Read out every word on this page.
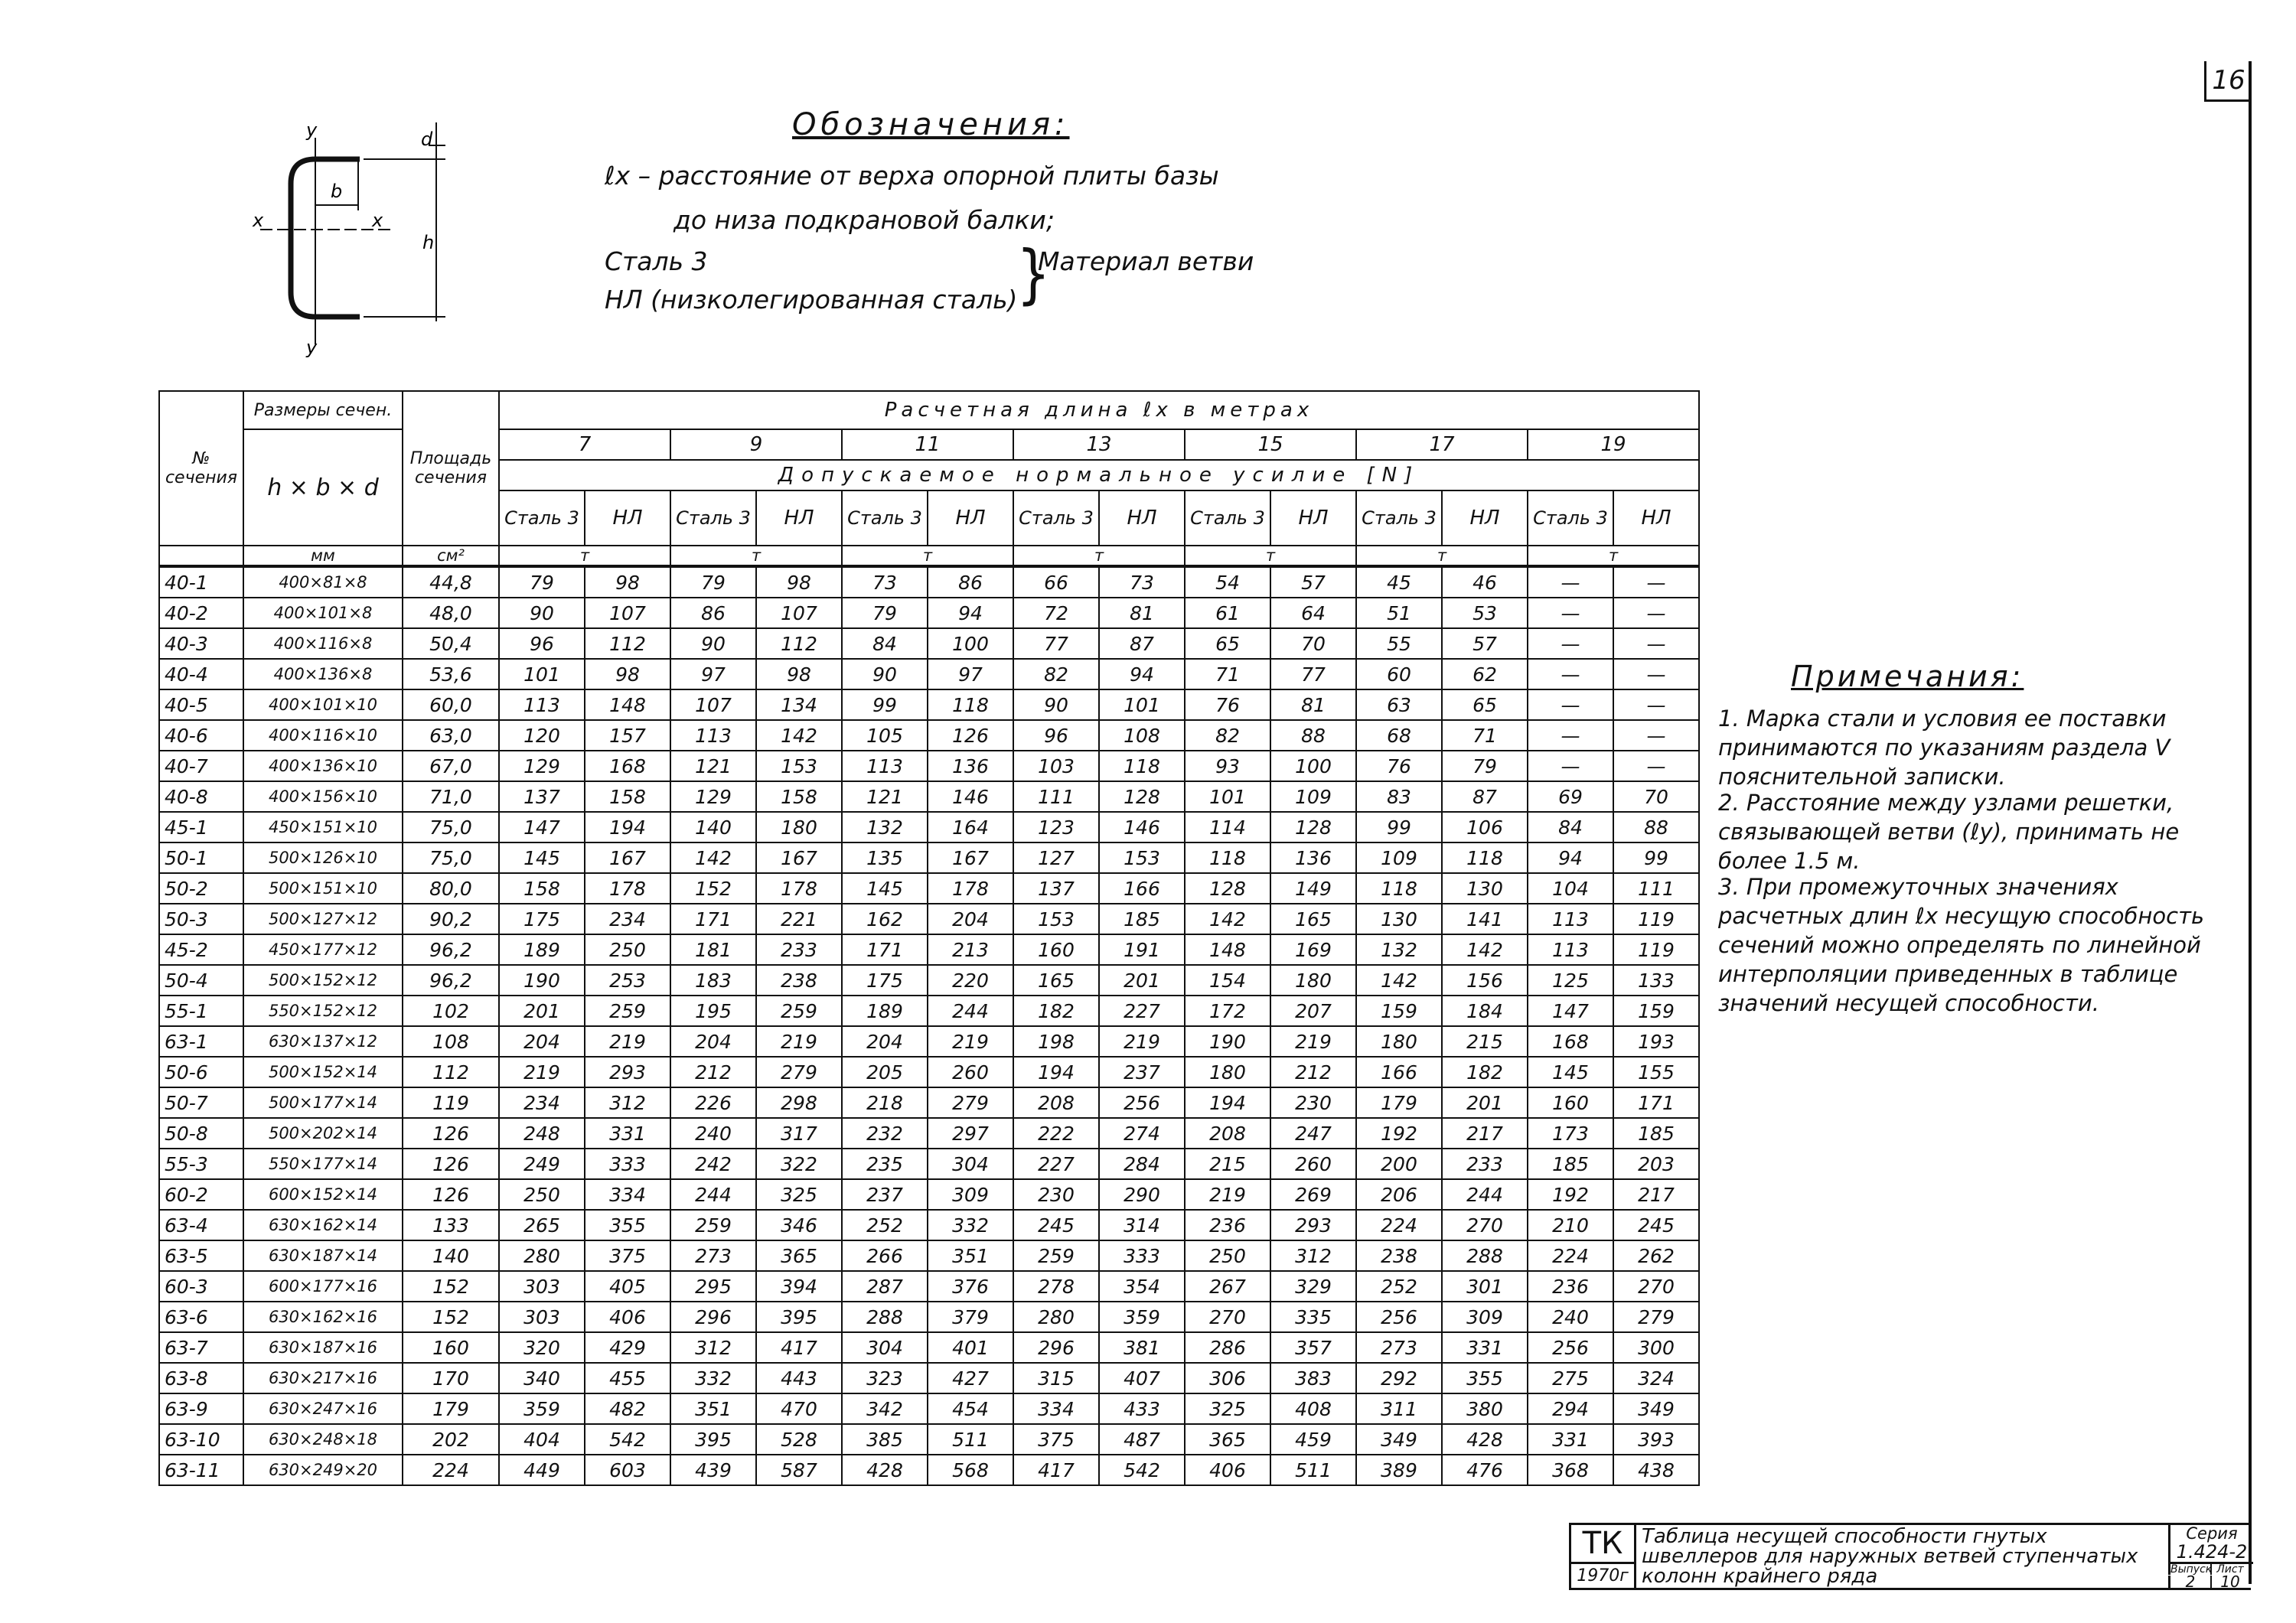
16
y
y
x	x
b
h
d	Обозначения:
ℓx – расстояние от верха опорной плиты базы
до низа подкрановой балки;
Сталь 3
НЛ (низколегированная сталь)
}
Материал ветви
№ сечения	Размеры сечен.	Площадь сечения	Расчетная длина ℓx в метрах													
	h × b × d		7		9		11		13		15		17		19	
			Допускаемое нормальное усилие [N]													
			Сталь 3	НЛ	Сталь 3	НЛ	Сталь 3	НЛ	Сталь 3	НЛ	Сталь 3	НЛ	Сталь 3	НЛ	Сталь 3	НЛ
	мм	см²	т		т		т		т		т		т		т	
40-1	400×81×8	44,8	79	98	79	98	73	86	66	73	54	57	45	46	—	—
40-2	400×101×8	48,0	90	107	86	107	79	94	72	81	61	64	51	53	—	—
40-3	400×116×8	50,4	96	112	90	112	84	100	77	87	65	70	55	57	—	—
40-4	400×136×8	53,6	101	98	97	98	90	97	82	94	71	77	60	62	—	—
40-5	400×101×10	60,0	113	148	107	134	99	118	90	101	76	81	63	65	—	—
40-6	400×116×10	63,0	120	157	113	142	105	126	96	108	82	88	68	71	—	—
40-7	400×136×10	67,0	129	168	121	153	113	136	103	118	93	100	76	79	—	—
40-8	400×156×10	71,0	137	158	129	158	121	146	111	128	101	109	83	87	69	70
45-1	450×151×10	75,0	147	194	140	180	132	164	123	146	114	128	99	106	84	88
50-1	500×126×10	75,0	145	167	142	167	135	167	127	153	118	136	109	118	94	99
50-2	500×151×10	80,0	158	178	152	178	145	178	137	166	128	149	118	130	104	111
50-3	500×127×12	90,2	175	234	171	221	162	204	153	185	142	165	130	141	113	119
45-2	450×177×12	96,2	189	250	181	233	171	213	160	191	148	169	132	142	113	119
50-4	500×152×12	96,2	190	253	183	238	175	220	165	201	154	180	142	156	125	133
55-1	550×152×12	102	201	259	195	259	189	244	182	227	172	207	159	184	147	159
63-1	630×137×12	108	204	219	204	219	204	219	198	219	190	219	180	215	168	193
50-6	500×152×14	112	219	293	212	279	205	260	194	237	180	212	166	182	145	155
50-7	500×177×14	119	234	312	226	298	218	279	208	256	194	230	179	201	160	171
50-8	500×202×14	126	248	331	240	317	232	297	222	274	208	247	192	217	173	185
55-3	550×177×14	126	249	333	242	322	235	304	227	284	215	260	200	233	185	203
60-2	600×152×14	126	250	334	244	325	237	309	230	290	219	269	206	244	192	217
63-4	630×162×14	133	265	355	259	346	252	332	245	314	236	293	224	270	210	245
63-5	630×187×14	140	280	375	273	365	266	351	259	333	250	312	238	288	224	262
60-3	600×177×16	152	303	405	295	394	287	376	278	354	267	329	252	301	236	270
63-6	630×162×16	152	303	406	296	395	288	379	280	359	270	335	256	309	240	279
63-7	630×187×16	160	320	429	312	417	304	401	296	381	286	357	273	331	256	300
63-8	630×217×16	170	340	455	332	443	323	427	315	407	306	383	292	355	275	324
63-9	630×247×16	179	359	482	351	470	342	454	334	433	325	408	311	380	294	349
63-10	630×248×18	202	404	542	395	528	385	511	375	487	365	459	349	428	331	393
63-11	630×249×20	224	449	603	439	587	428	568	417	542	406	511	389	476	368	438
Примечания:
1. Марка стали и условия ее поставки принимаются по указаниям раздела V пояснительной записки.
2. Расстояние между узлами решетки, связывающей ветви (ℓy), принимать не более 1.5 м.
3. При промежуточных значениях расчетных длин ℓx несущую способность сечений можно определять по линейной интерполяции приведенных в таблице значений несущей способности.
ТК
1970г
Таблица несущей способности гнутых швеллеров для наружных ветвей ступенчатых колонн крайнего ряда
Серия
1.424-2
Выпуск Лист
2	10
